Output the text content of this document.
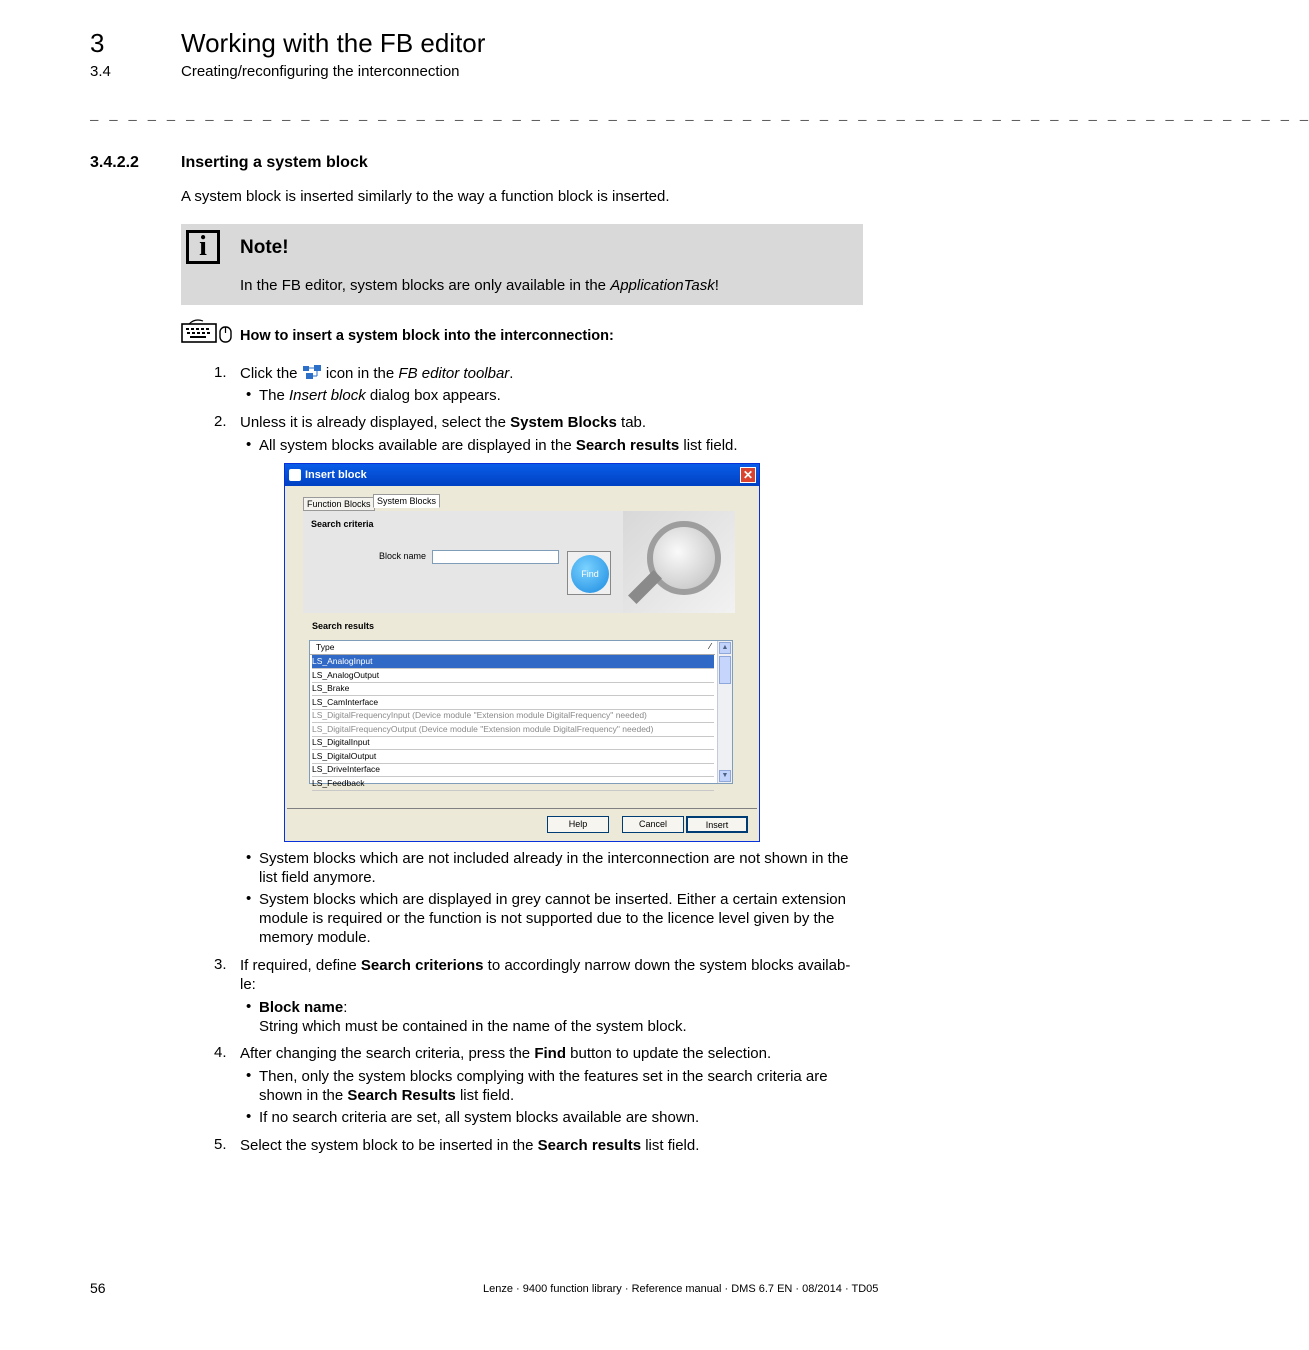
3	Working with the FB editor
3.4	Creating/reconfiguring the interconnection
_ _ _ _ _ _ _ _ _ _ _ _ _ _ _ _ _ _ _ _ _ _ _ _ _ _ _ _ _ _ _ _ _ _ _ _ _ _ _ _ _ _ _ _ _ _ _ _ _ _ _ _ _ _ _ _ _ _ _ _ _ _ _ _
3.4.2.2	Inserting a system block
A system block is inserted similarly to the way a function block is inserted.
i	Note!
In the FB editor, system blocks are only available in the ApplicationTask!
How to insert a system block into the interconnection:
1. Click the  icon in the FB editor toolbar.
• The Insert block dialog box appears.
2. Unless it is already displayed, select the System Blocks tab.
• All system blocks available are displayed in the Search results list field.
Insert block	✕
Function Blocks System Blocks
Search criteria
Block name
Find
Search results
Type	⁄
LS_AnalogInput
LS_AnalogOutput
LS_Brake
LS_CamInterface
LS_DigitalFrequencyInput (Device module "Extension module DigitalFrequency" needed)
LS_DigitalFrequencyOutput (Device module "Extension module DigitalFrequency" needed)
LS_DigitalInput
LS_DigitalOutput
LS_DriveInterface
LS_Feedback
▲
▼
Help	Cancel	Insert
• System blocks which are not included already in the interconnection are not shown in the list field anymore.
• System blocks which are displayed in grey cannot be inserted. Either a certain extension module is required or the function is not supported due to the licence level given by the memory module.
3. If required, define Search criterions to accordingly narrow down the system blocks availab-le:
• Block name:
String which must be contained in the name of the system block.
4. After changing the search criteria, press the Find button to update the selection.
• Then, only the system blocks complying with the features set in the search criteria are shown in the Search Results list field.
• If no search criteria are set, all system blocks available are shown.
5. Select the system block to be inserted in the Search results list field.
56	Lenze · 9400 function library · Reference manual · DMS 6.7 EN · 08/2014 · TD05
